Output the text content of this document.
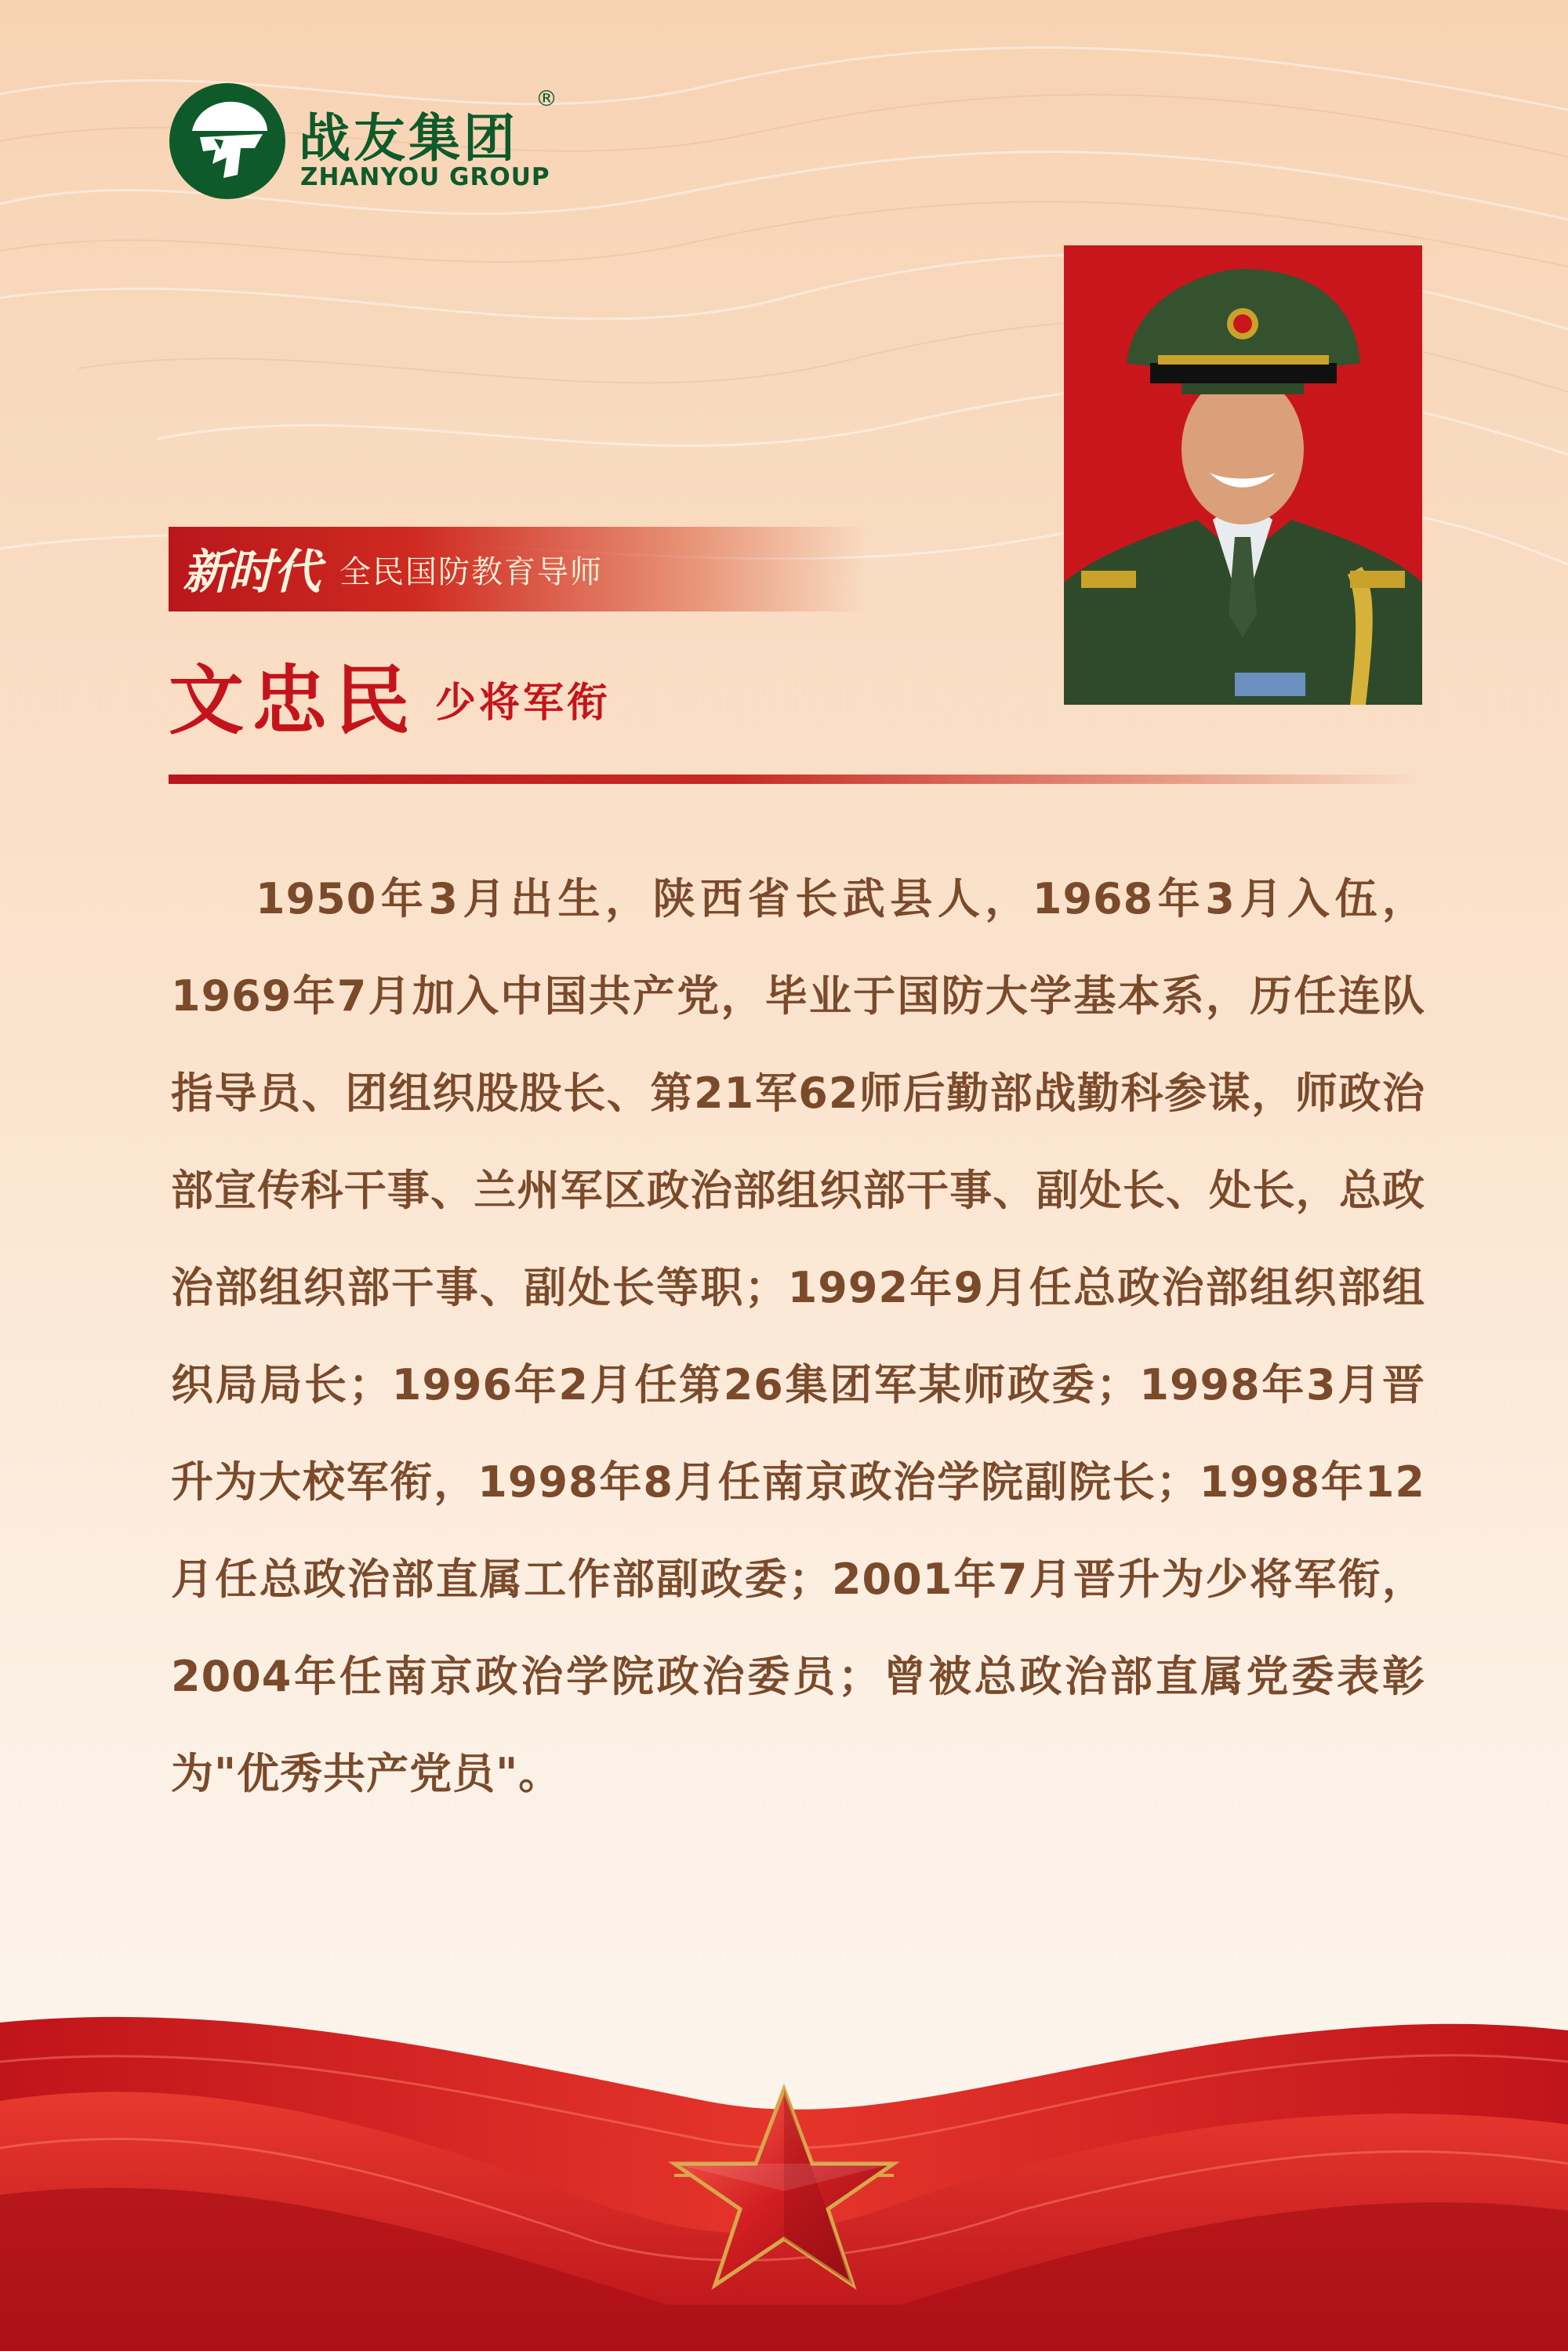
战友集团
®
ZHANYOU GROUP
新时代 全民国防教育导师
文忠民 少将军衔
1950年3月出生，陕西省长武县人，1968年3月入伍，1969年7月加入中国共产党，毕业于国防大学基本系，历任连队指导员、团组织股股长、第21军62师后勤部战勤科参谋，师政治部宣传科干事、兰州军区政治部组织部干事、副处长、处长，总政治部组织部干事、副处长等职；1992年9月任总政治部组织部组织局局长；1996年2月任第26集团军某师政委；1998年3月晋升为大校军衔，1998年8月任南京政治学院副院长；1998年12月任总政治部直属工作部副政委；2001年7月晋升为少将军衔，2004年任南京政治学院政治委员；曾被总政治部直属党委表彰为"优秀共产党员"。
